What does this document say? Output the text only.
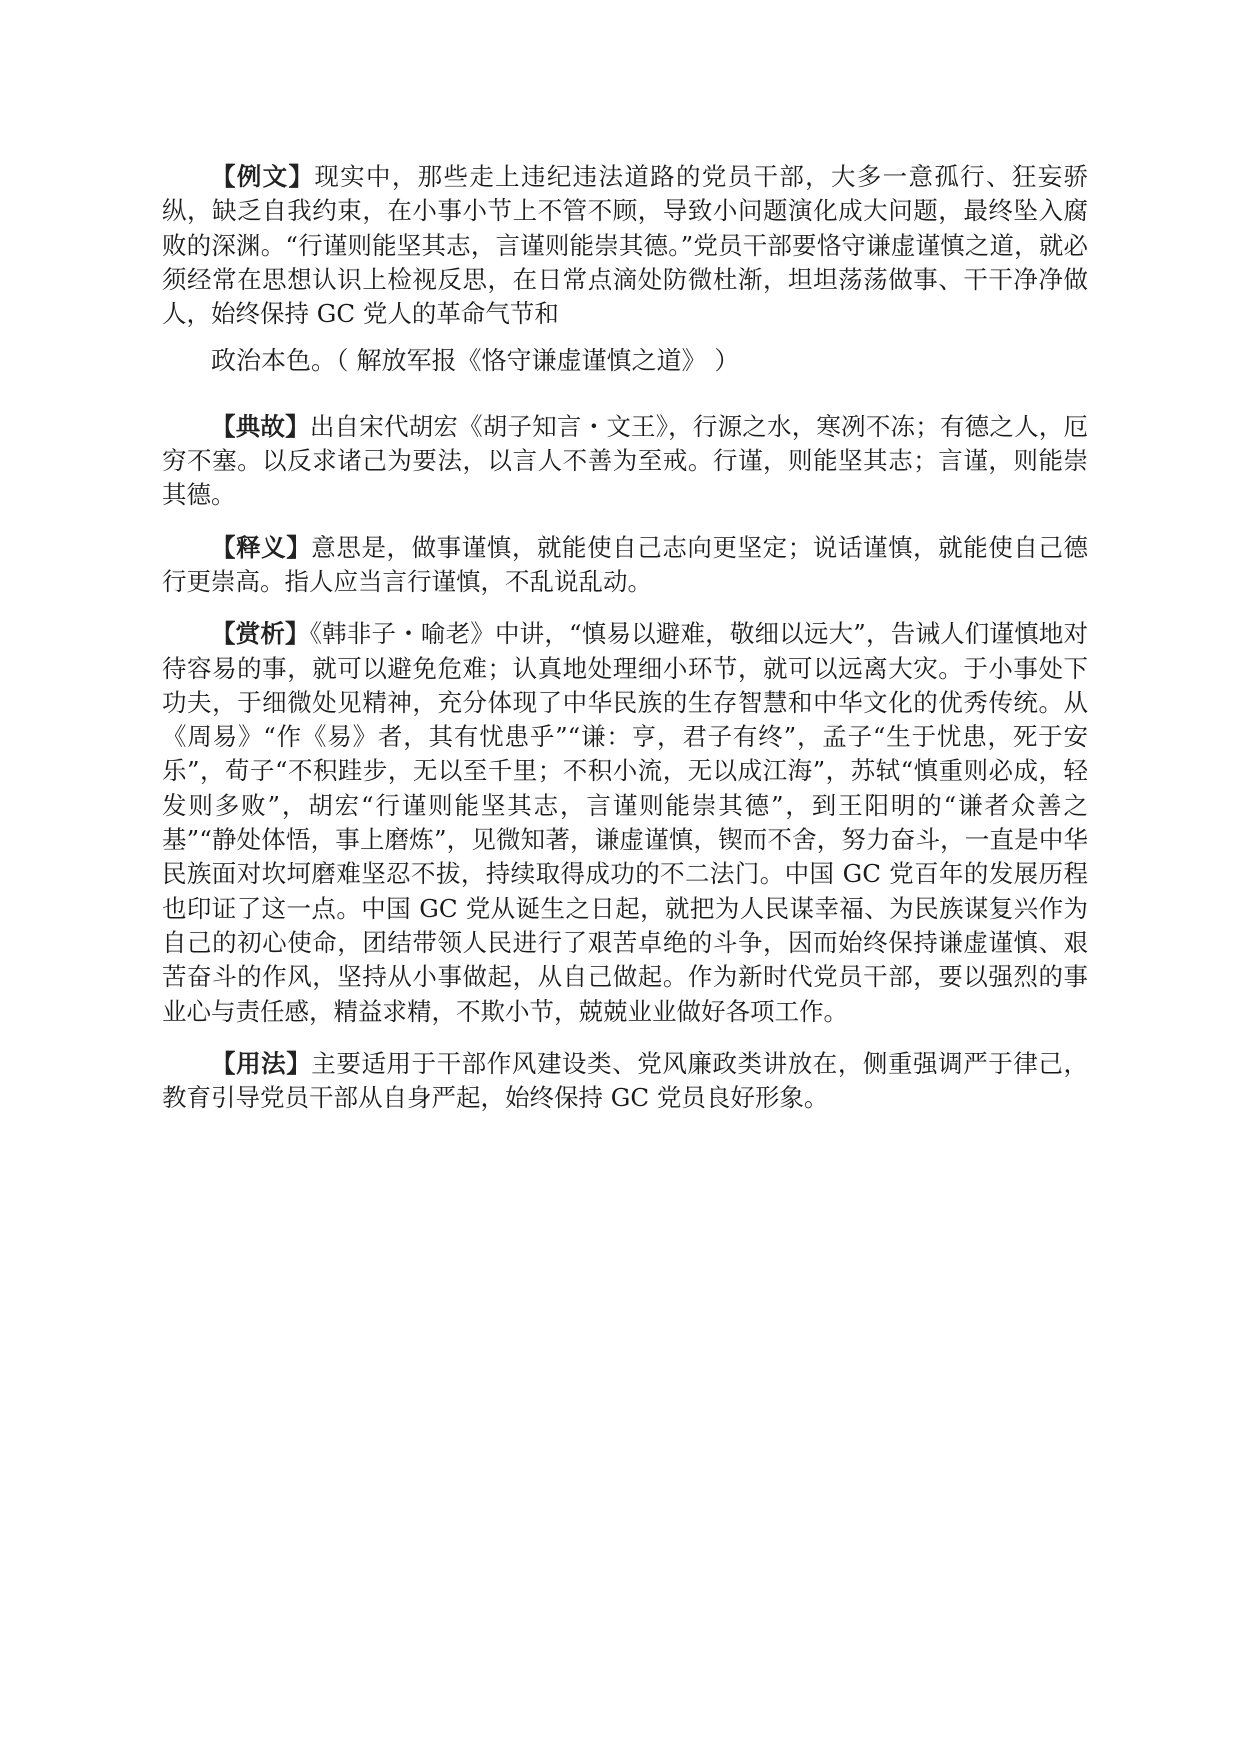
【例文】现实中，那些走上违纪违法道路的党员干部，大多一意孤行、狂妄骄纵，缺乏自我约束，在小事小节上不管不顾，导致小问题演化成大问题，最终坠入腐败的深渊。“行谨则能坚其志，言谨则能崇其德。”党员干部要恪守谦虚谨慎之道，就必须经常在思想认识上检视反思，在日常点滴处防微杜渐，坦坦荡荡做事、干干净净做人，始终保持 GC 党人的革命气节和
政治本色。（ 解放军报《恪守谦虚谨慎之道》 ）

【典故】出自宋代胡宏《胡子知言・文王》，行源之水，寒冽不冻；有德之人，厄穷不塞。以反求诸己为要法，以言人不善为至戒。行谨，则能坚其志；言谨，则能崇其德。

【释义】意思是，做事谨慎，就能使自己志向更坚定；说话谨慎，就能使自己德行更崇高。指人应当言行谨慎，不乱说乱动。

【赏析】《韩非子・喻老》中讲，“慎易以避难，敬细以远大”，告诫人们谨慎地对待容易的事，就可以避免危难；认真地处理细小环节，就可以远离大灾。于小事处下功夫，于细微处见精神，充分体现了中华民族的生存智慧和中华文化的优秀传统。从《周易》“作《易》者，其有忧患乎”“谦：亨，君子有终”，孟子“生于忧患，死于安乐”，荀子“不积跬步，无以至千里；不积小流，无以成江海”，苏轼“慎重则必成，轻发则多败”，胡宏“行谨则能坚其志，言谨则能崇其德”，到王阳明的“谦者众善之基”“静处体悟，事上磨炼”，见微知著，谦虚谨慎，锲而不舍，努力奋斗，一直是中华民族面对坎坷磨难坚忍不拔，持续取得成功的不二法门。中国 GC 党百年的发展历程也印证了这一点。中国 GC 党从诞生之日起，就把为人民谋幸福、为民族谋复兴作为自己的初心使命，团结带领人民进行了艰苦卓绝的斗争，因而始终保持谦虚谨慎、艰苦奋斗的作风，坚持从小事做起，从自己做起。作为新时代党员干部，要以强烈的事业心与责任感，精益求精，不欺小节，兢兢业业做好各项工作。

【用法】主要适用于干部作风建设类、党风廉政类讲放在，侧重强调严于律己，教育引导党员干部从自身严起，始终保持 GC 党员良好形象。
